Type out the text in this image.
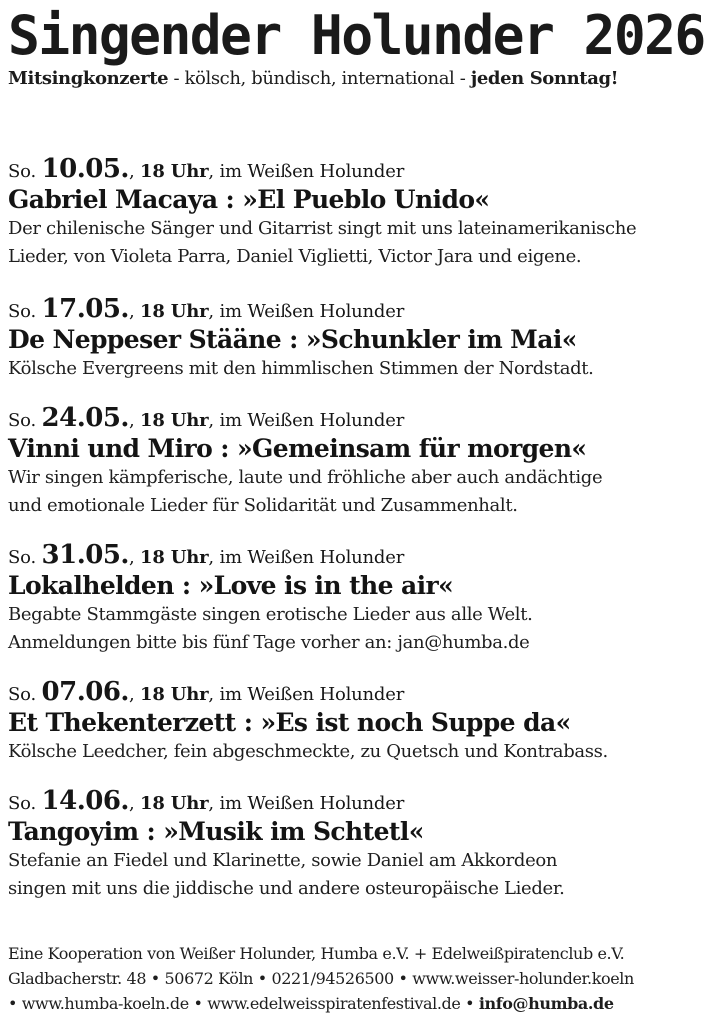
Singender Holunder 2026
Mitsingkonzerte - kölsch, bündisch, international - jeden Sonntag!
So. 10.05., 18 Uhr, im Weißen Holunder
Gabriel Macaya : »El Pueblo Unido«
Der chilenische Sänger und Gitarrist singt mit uns lateinamerikanische
Lieder, von Violeta Parra, Daniel Viglietti, Victor Jara und eigene.
So. 17.05., 18 Uhr, im Weißen Holunder
De Neppeser Stääne : »Schunkler im Mai«
Kölsche Evergreens mit den himmlischen Stimmen der Nordstadt.
So. 24.05., 18 Uhr, im Weißen Holunder
Vinni und Miro : »Gemeinsam für morgen«
Wir singen kämpferische, laute und fröhliche aber auch andächtige
und emotionale Lieder für Solidarität und Zusammenhalt.
So. 31.05., 18 Uhr, im Weißen Holunder
Lokalhelden : »Love is in the air«
Begabte Stammgäste singen erotische Lieder aus alle Welt.
Anmeldungen bitte bis fünf Tage vorher an: jan@humba.de
So. 07.06., 18 Uhr, im Weißen Holunder
Et Thekenterzett : »Es ist noch Suppe da«
Kölsche Leedcher, fein abgeschmeckte, zu Quetsch und Kontrabass.
So. 14.06., 18 Uhr, im Weißen Holunder
Tangoyim : »Musik im Schtetl«
Stefanie an Fiedel und Klarinette, sowie Daniel am Akkordeon
singen mit uns die jiddische und andere osteuropäische Lieder.
Eine Kooperation von Weißer Holunder, Humba e.V. + Edelweißpiratenclub e.V.
Gladbacherstr. 48 • 50672 Köln • 0221/94526500 • www.weisser-holunder.koeln
• www.humba-koeln.de • www.edelweisspiratenfestival.de • info@humba.de
